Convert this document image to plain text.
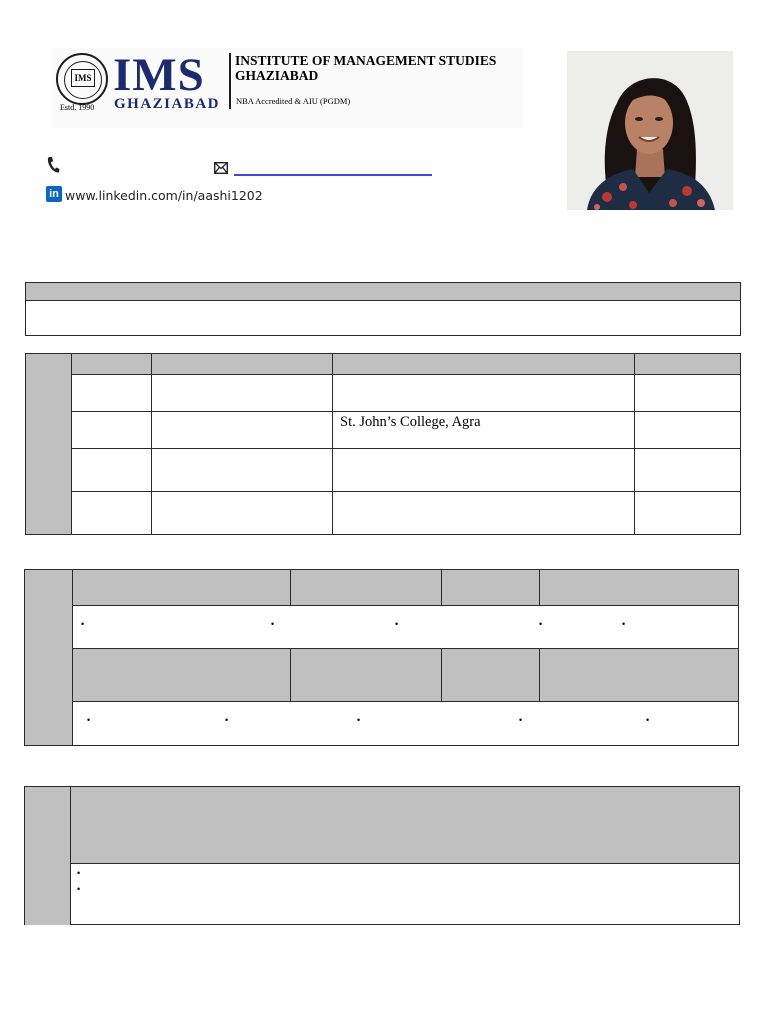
IMS
Estd. 1990
IMS
GHAZIABAD
INSTITUTE OF MANAGEMENT STUDIES
GHAZIABAD
NBA Accredited & AIU (PGDM)
in www.linkedin.com/in/aashi1202

			St. John’s College, Agra	

	• • • • •			

	• • • • •			

•
•
